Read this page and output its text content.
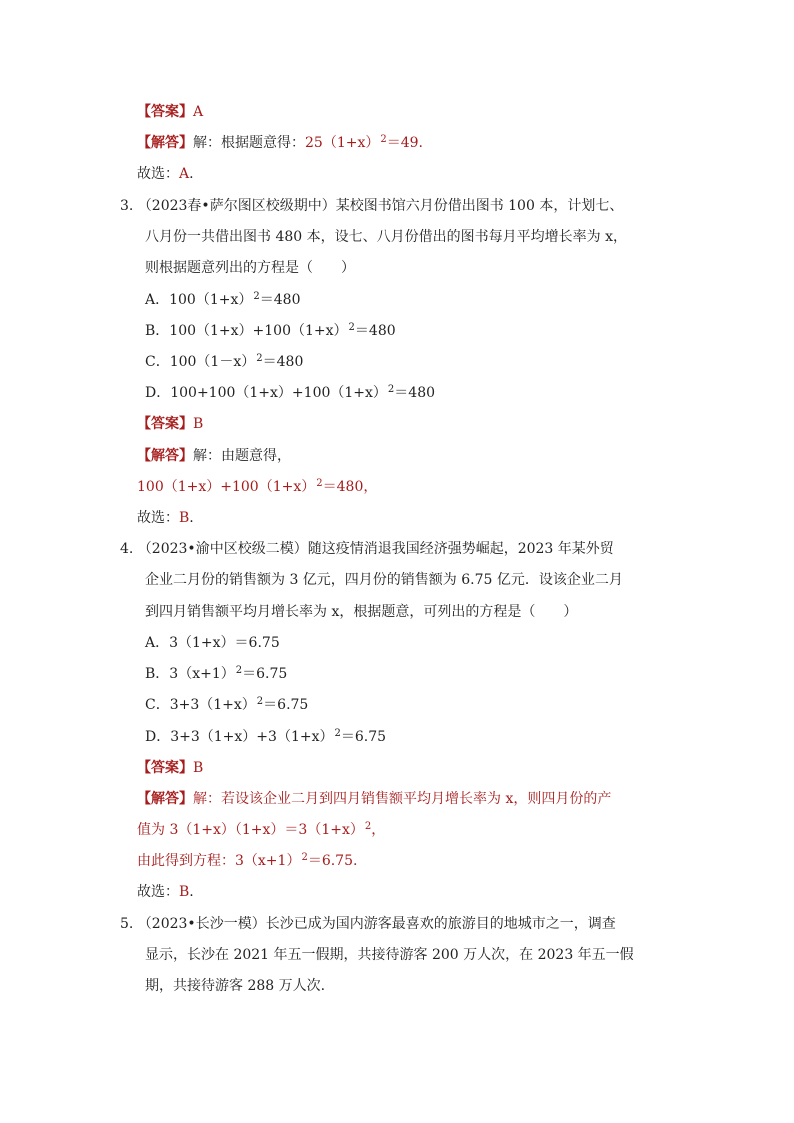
【答案】A
【解答】解：根据题意得：$25(1+x)^2=49$.
故选：A.
3. （2023春•萨尔图区校级期中）某校图书馆六月份借出图书 100 本，计划七、
八月份一共借出图书 480 本，设七、八月份借出的图书每月平均增长率为 x，
则根据题意列出的方程是（　　）
A．$100(1+x)^2=480$
B．$100(1+x)+100(1+x)^2=480$
C．$100(1-x)^2=480$
D．$100+100(1+x)+100(1+x)^2=480$
【答案】B
【解答】解：由题意得，
$100(1+x)+100(1+x)^2=480$，
故选：B.
4. （2023•渝中区校级二模）随这疫情消退我国经济强势崛起，2023 年某外贸
企业二月份的销售额为 3 亿元，四月份的销售额为 6.75 亿元．设该企业二月
到四月销售额平均月增长率为 x，根据题意，可列出的方程是（　　）
A．3（1+x）＝6.75
B．$3(x+1)^2=6.75$
C．$3+3(1+x)^2=6.75$
D．$3+3(1+x)+3(1+x)^2=6.75$
【答案】B
【解答】解：若设该企业二月到四月销售额平均月增长率为 x，则四月份的产
值为 $3(1+x)(1+x)=3(1+x)^2$，
由此得到方程：$3(x+1)^2=6.75$.
故选：B.
5. （2023•长沙一模）长沙已成为国内游客最喜欢的旅游目的地城市之一，调查
显示，长沙在 2021 年五一假期，共接待游客 200 万人次，在 2023 年五一假
期，共接待游客 288 万人次.
